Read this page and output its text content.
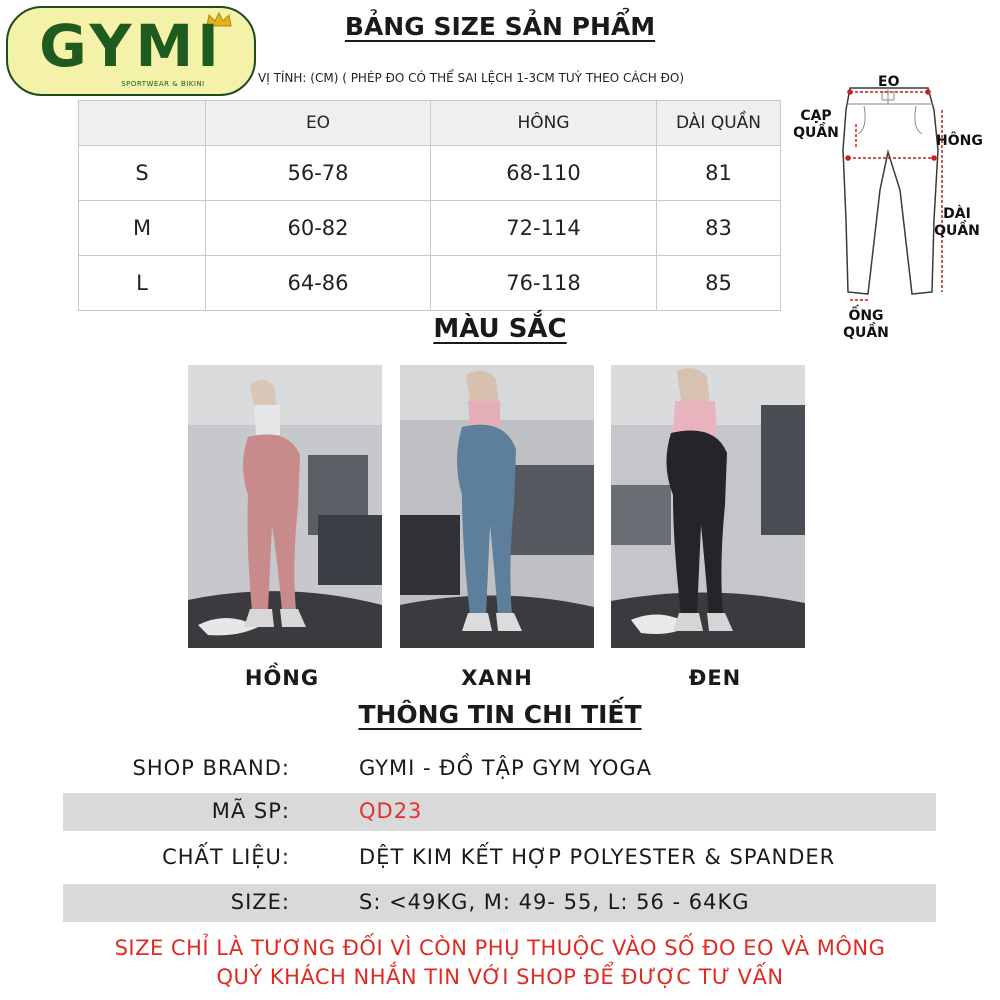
GYMI
SPORTWEAR & BIKINI
BẢNG SIZE SẢN PHẨM
VỊ TÍNH: (CM) ( PHÉP ĐO CÓ THỂ SAI LỆCH 1-3CM TUỲ THEO CÁCH ĐO)
	EO	HÔNG	DÀI QUẦN
S	56-78	68-110	81
M	60-82	72-114	83
L	64-86	76-118	85
EO
CẠP
QUẦN	HÔNG
DÀI
QUẦN
ỐNG
QUẦN
MÀU SẮC
HỒNG	XANH	ĐEN
THÔNG TIN CHI TIẾT
SHOP BRAND:	GYMI - ĐỒ TẬP GYM YOGA
MÃ SP:	QD23
CHẤT LIỆU:	DỆT KIM KẾT HỢP POLYESTER & SPANDER
SIZE:	S: <49KG, M: 49- 55, L: 56 - 64KG
SIZE CHỈ LÀ TƯƠNG ĐỐI VÌ CÒN PHỤ THUỘC VÀO SỐ ĐO EO VÀ MÔNG
QUÝ KHÁCH NHẮN TIN VỚI SHOP ĐỂ ĐƯỢC TƯ VẤN
